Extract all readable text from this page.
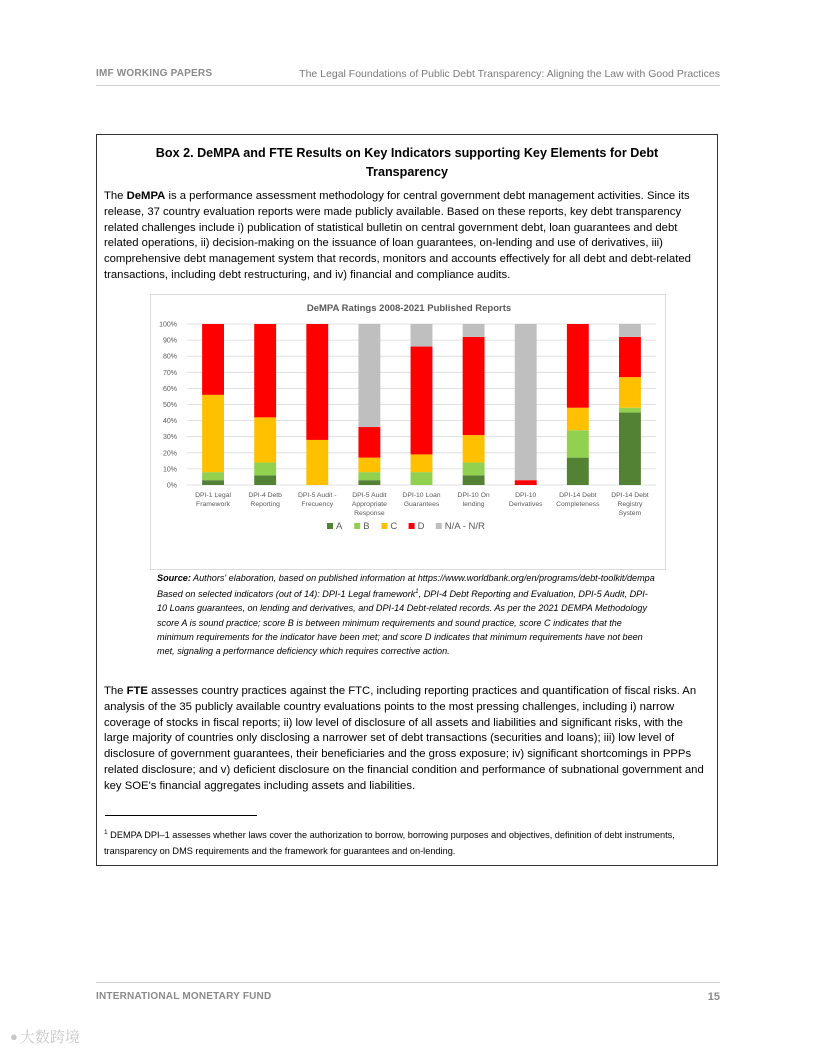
IMF WORKING PAPERS	The Legal Foundations of Public Debt Transparency: Aligning the Law with Good Practices
Box 2. DeMPA and FTE Results on Key Indicators supporting Key Elements for Debt Transparency
The DeMPA is a performance assessment methodology for central government debt management activities. Since its release, 37 country evaluation reports were made publicly available. Based on these reports, key debt transparency related challenges include i) publication of statistical bulletin on central government debt, loan guarantees and debt related operations, ii) decision-making on the issuance of loan guarantees, on-lending and use of derivatives, iii) comprehensive debt management system that records, monitors and accounts effectively for all debt and debt-related transactions, including debt restructuring, and iv) financial and compliance audits.
DeMPA Ratings 2008-2021 Published Reports
0%
10%
20%
30%
40%
50%
60%
70%
80%
90%
100%
DPI-1 Legal
Framework
DPI-4 Detb
Reporting
DPI-5 Audit -
Frecuency
DPI-5 Audit
Appropriate
Response
DPI-10 Loan
Guarantees
DPI-10 On
lending
DPI-10
Derivatives
DPI-14 Debt
Completeness
DPI-14 Debt
Registry
System
A B C D N/A - N/R
Source: Authors' elaboration, based on published information at https://www.worldbank.org/en/programs/debt-toolkit/dempa Based on selected indicators (out of 14): DPI-1 Legal framework$^1$, DPI-4 Debt Reporting and Evaluation, DPI-5 Audit, DPI-10 Loans guarantees, on lending and derivatives, and DPI-14 Debt-related records. As per the 2021 DEMPA Methodology score A is sound practice; score B is between minimum requirements and sound practice, score C indicates that the minimum requirements for the indicator have been met; and score D indicates that minimum requirements have not been met, signaling a performance deficiency which requires corrective action.
The FTE assesses country practices against the FTC, including reporting practices and quantification of fiscal risks. An analysis of the 35 publicly available country evaluations points to the most pressing challenges, including i) narrow coverage of stocks in fiscal reports; ii) low level of disclosure of all assets and liabilities and significant risks, with the large majority of countries only disclosing a narrower set of debt transactions (securities and loans); iii) low level of disclosure of government guarantees, their beneficiaries and the gross exposure; iv) significant shortcomings in PPPs related disclosure; and v) deficient disclosure on the financial condition and performance of subnational government and key SOE's financial aggregates including assets and liabilities.
$^1$ DEMPA DPI–1 assesses whether laws cover the authorization to borrow, borrowing purposes and objectives, definition of debt instruments, transparency on DMS requirements and the framework for guarantees and on-lending.
INTERNATIONAL MONETARY FUND	15
● 大数跨境
